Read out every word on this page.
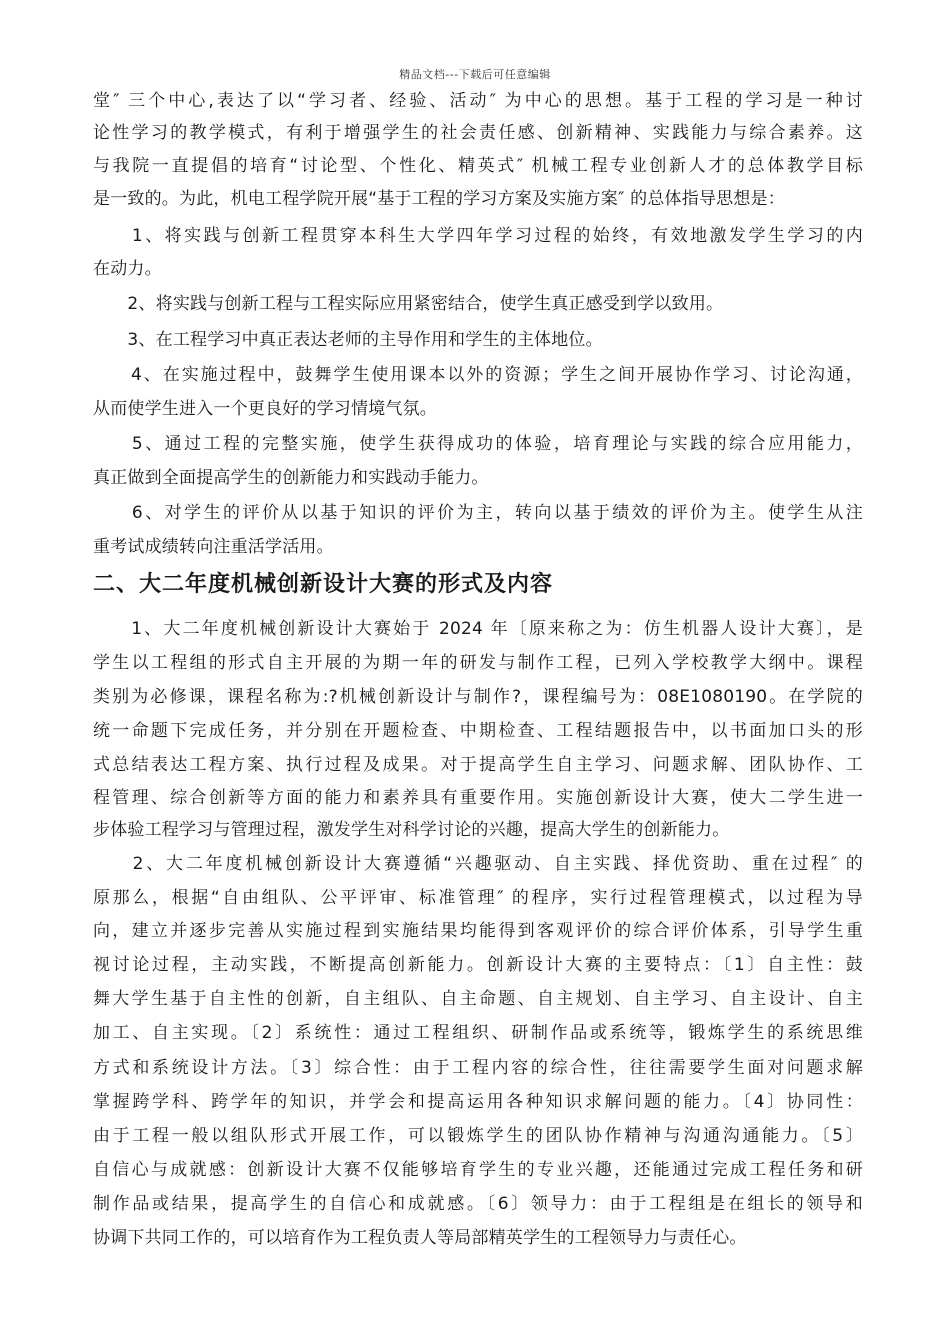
精品文档---下载后可任意编辑
堂″ 三个中心,表达了以“学习者、经验、活动″ 为中心的思想。基于工程的学习是一种讨
论性学习的教学模式，有利于增强学生的社会责任感、创新精神、实践能力与综合素养。这
与我院一直提倡的培育“讨论型、个性化、精英式″ 机械工程专业创新人才的总体教学目标
是一致的。为此，机电工程学院开展“基于工程的学习方案及实施方案″ 的总体指导思想是：
　　1、将实践与创新工程贯穿本科生大学四年学习过程的始终，有效地激发学生学习的内
在动力。
　　2、将实践与创新工程与工程实际应用紧密结合，使学生真正感受到学以致用。
　　3、在工程学习中真正表达老师的主导作用和学生的主体地位。
　　4、在实施过程中，鼓舞学生使用课本以外的资源；学生之间开展协作学习、讨论沟通，
从而使学生进入一个更良好的学习情境气氛。
　　5、通过工程的完整实施，使学生获得成功的体验，培育理论与实践的综合应用能力，
真正做到全面提高学生的创新能力和实践动手能力。
　　6、对学生的评价从以基于知识的评价为主，转向以基于绩效的评价为主。使学生从注
重考试成绩转向注重活学活用。
二、大二年度机械创新设计大赛的形式及内容
　　1、大二年度机械创新设计大赛始于 2024 年〔原来称之为：仿生机器人设计大赛〕，是
学生以工程组的形式自主开展的为期一年的研发与制作工程，已列入学校教学大纲中。课程
类别为必修课，课程名称为:?机械创新设计与制作?，课程编号为：08E1080190。在学院的
统一命题下完成任务，并分别在开题检查、中期检查、工程结题报告中，以书面加口头的形
式总结表达工程方案、执行过程及成果。对于提高学生自主学习、问题求解、团队协作、工
程管理、综合创新等方面的能力和素养具有重要作用。实施创新设计大赛，使大二学生进一
步体验工程学习与管理过程，激发学生对科学讨论的兴趣，提高大学生的创新能力。
　　2、大二年度机械创新设计大赛遵循“兴趣驱动、自主实践、择优资助、重在过程″ 的
原那么，根据“自由组队、公平评审、标准管理″ 的程序，实行过程管理模式，以过程为导
向，建立并逐步完善从实施过程到实施结果均能得到客观评价的综合评价体系，引导学生重
视讨论过程，主动实践，不断提高创新能力。创新设计大赛的主要特点：〔1〕自主性：鼓
舞大学生基于自主性的创新，自主组队、自主命题、自主规划、自主学习、自主设计、自主
加工、自主实现。〔2〕系统性：通过工程组织、研制作品或系统等，锻炼学生的系统思维
方式和系统设计方法。〔3〕综合性：由于工程内容的综合性，往往需要学生面对问题求解
掌握跨学科、跨学年的知识，并学会和提高运用各种知识求解问题的能力。〔4〕协同性：
由于工程一般以组队形式开展工作，可以锻炼学生的团队协作精神与沟通沟通能力。〔5〕
自信心与成就感：创新设计大赛不仅能够培育学生的专业兴趣，还能通过完成工程任务和研
制作品或结果，提高学生的自信心和成就感。〔6〕领导力：由于工程组是在组长的领导和
协调下共同工作的，可以培育作为工程负责人等局部精英学生的工程领导力与责任心。
